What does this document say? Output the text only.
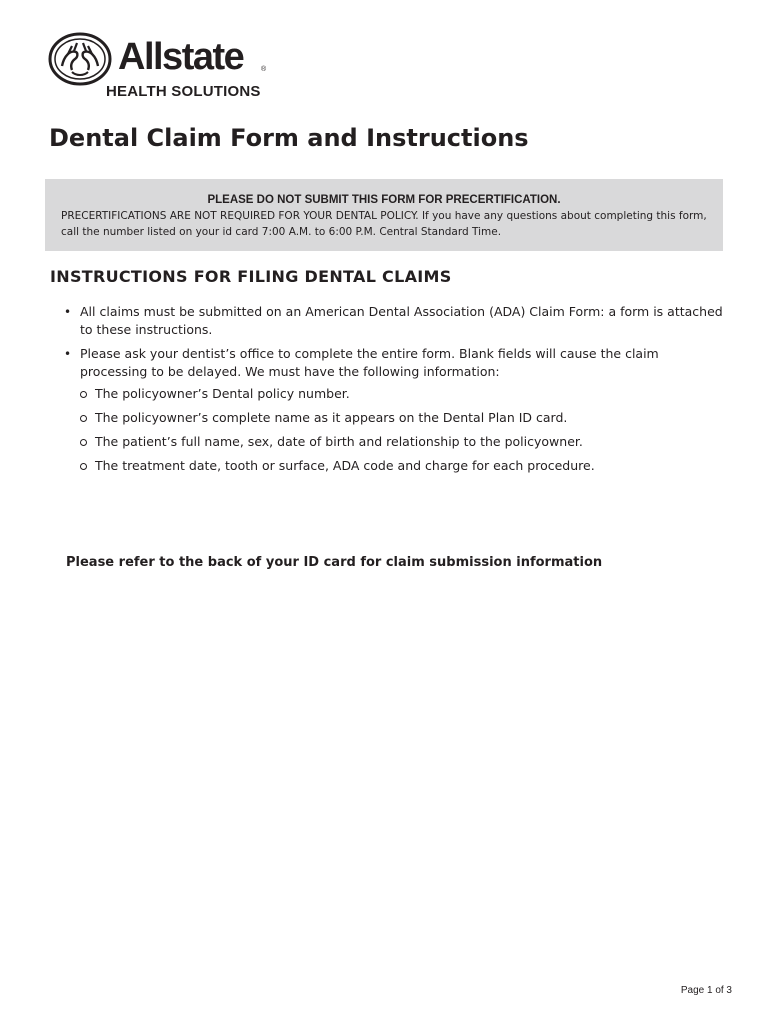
Allstate	®
HEALTH SOLUTIONS
Dental Claim Form and Instructions
PLEASE DO NOT SUBMIT THIS FORM FOR PRECERTIFICATION.
PRECERTIFICATIONS ARE NOT REQUIRED FOR YOUR DENTAL POLICY. If you have any questions about completing this form, call the number listed on your id card 7:00 A.M. to 6:00 P.M. Central Standard Time.
INSTRUCTIONS FOR FILING DENTAL CLAIMS
• All claims must be submitted on an American Dental Association (ADA) Claim Form: a form is attached to these instructions.
• Please ask your dentist’s office to complete the entire form. Blank fields will cause the claim processing to be delayed. We must have the following information:
The policyowner’s Dental policy number.
The policyowner’s complete name as it appears on the Dental Plan ID card.
The patient’s full name, sex, date of birth and relationship to the policyowner.
The treatment date, tooth or surface, ADA code and charge for each procedure.

Please refer to the back of your ID card for claim submission information

Page 1 of 3
